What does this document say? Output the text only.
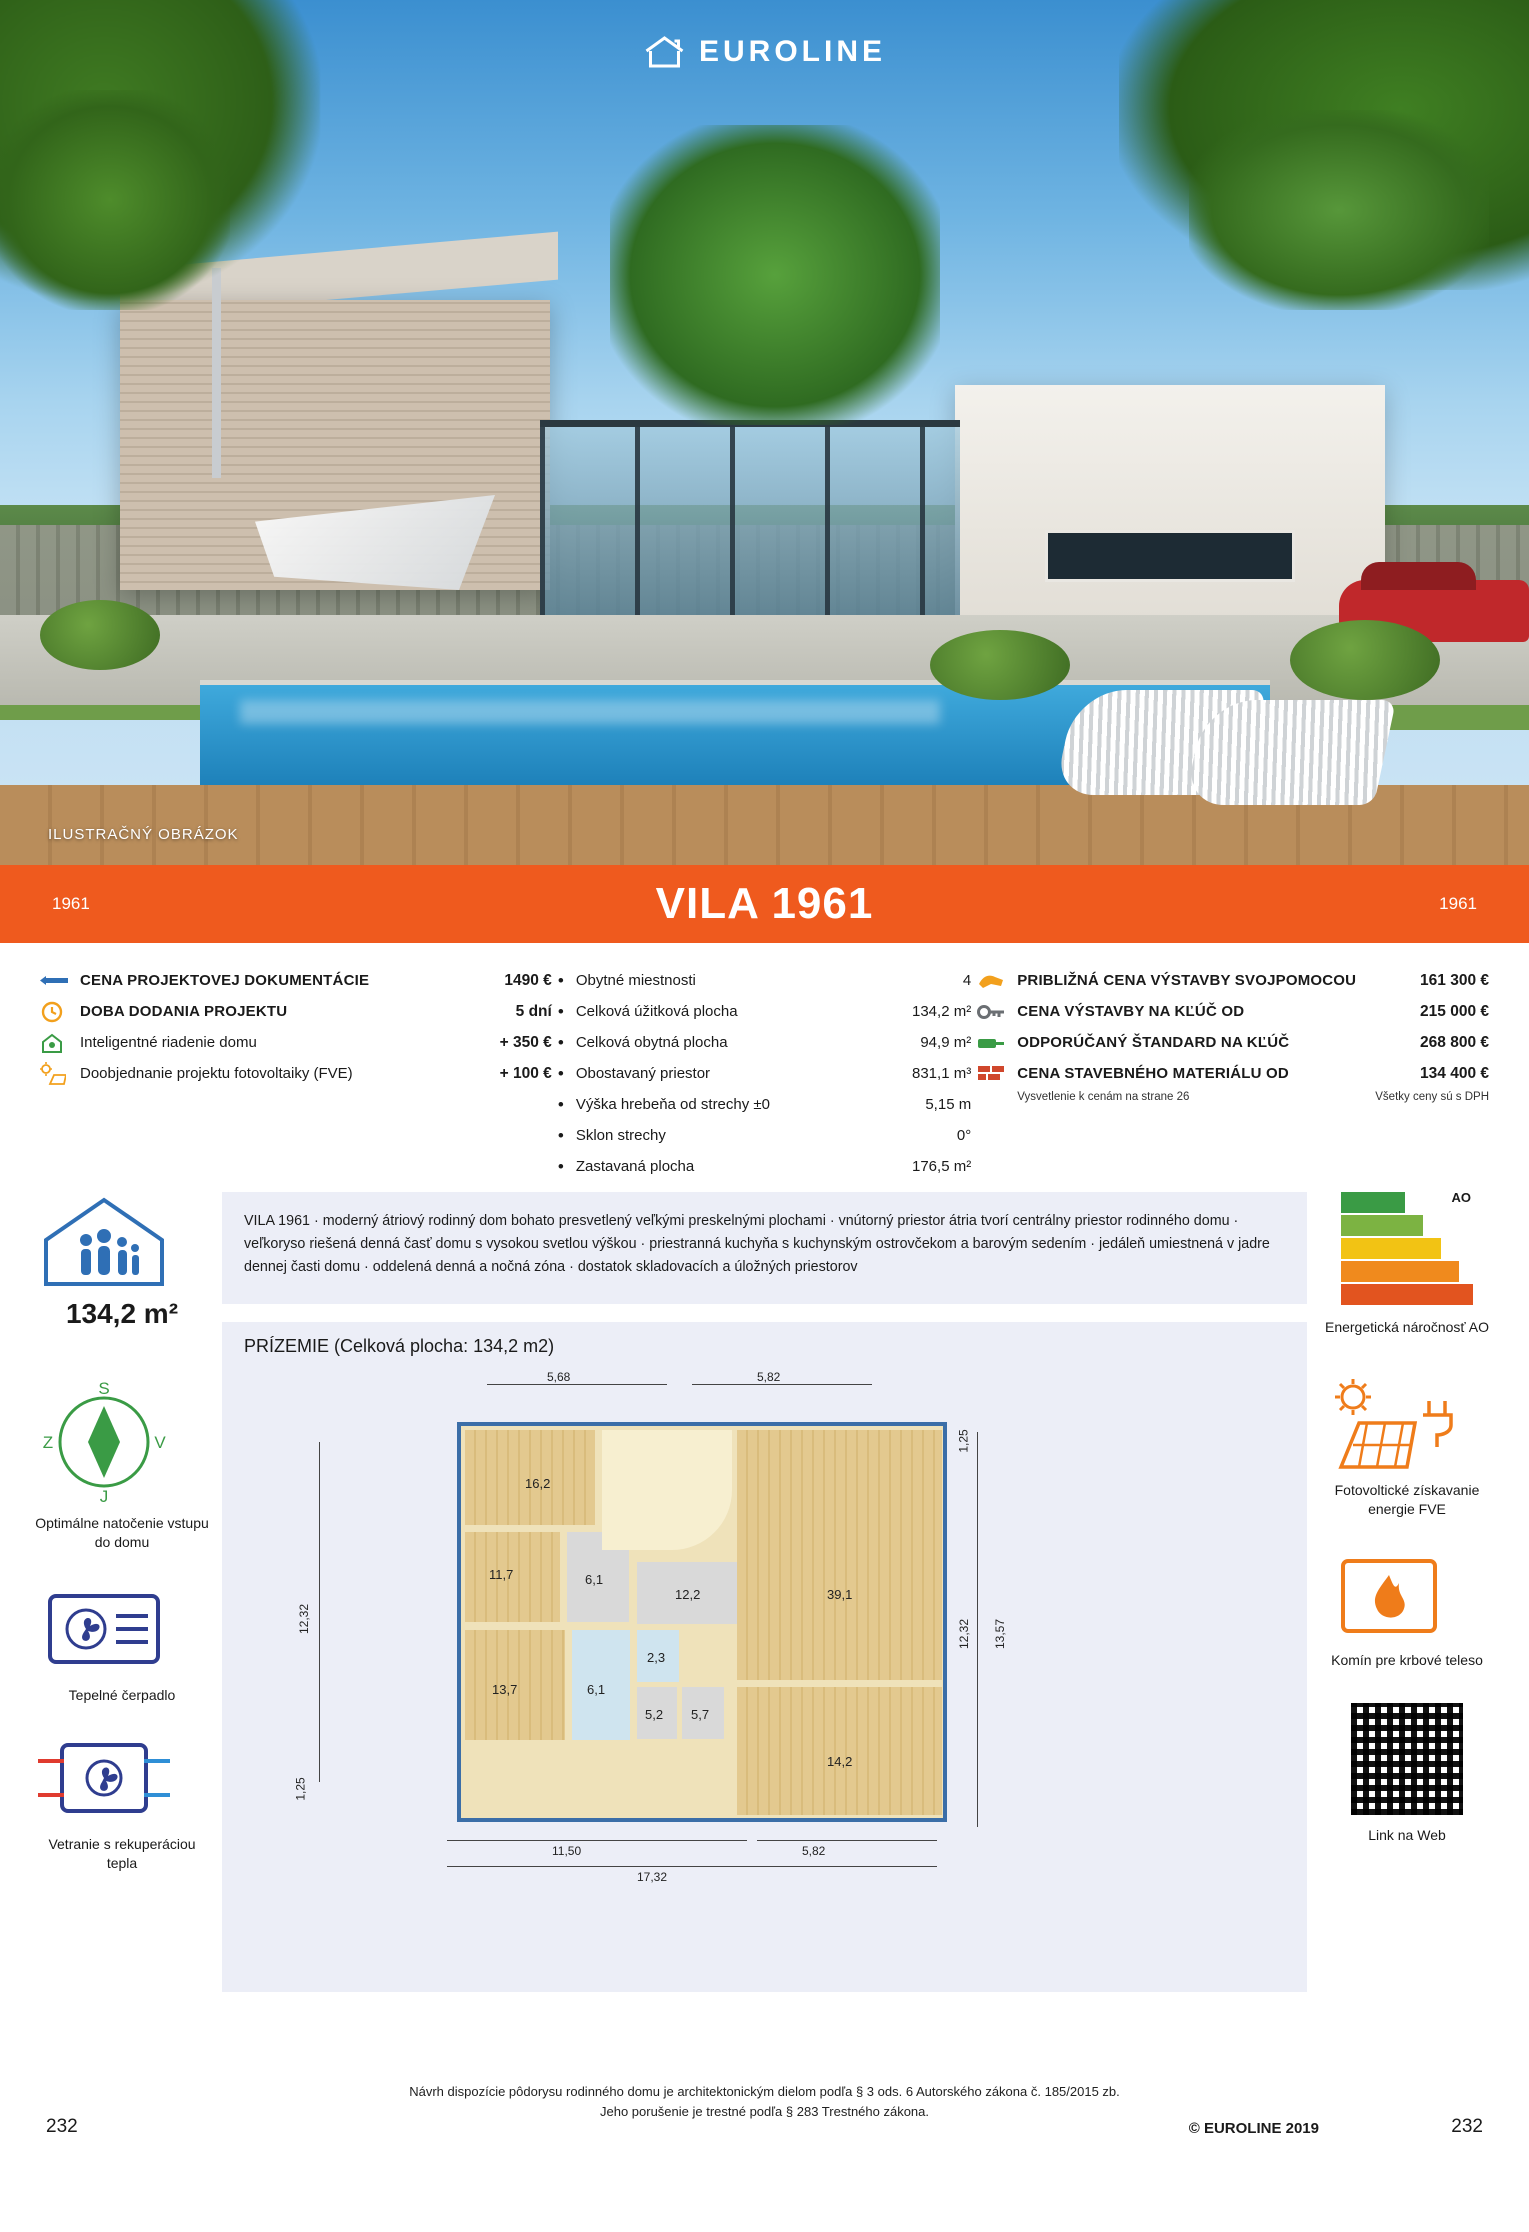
EUROLINE
ILUSTRAČNÝ OBRÁZOK
1961	VILA 1961	1961
CENA PROJEKTOVEJ DOKUMENTÁCIE	1490 €
DOBA DODANIA PROJEKTU	5 dní
Inteligentné riadenie domu	+ 350 €
Doobjednanie projektu fotovoltaiky (FVE)	+ 100 €
•
Obytné miestnosti	4
•
Celková úžitková plocha	134,2 m²
•
Celková obytná plocha	94,9 m²
•
Obostavaný priestor	831,1 m³
•
Výška hrebeňa od strechy ±0	5,15 m
•
Sklon strechy	0°
•
Zastavaná plocha	176,5 m²
PRIBLIŽNÁ CENA VÝSTAVBY SVOJPOMOCOU	161 300 €
CENA VÝSTAVBY NA KĽÚČ OD	215 000 €
ODPORÚČANÝ ŠTANDARD NA KĽÚČ	268 800 €
CENA STAVEBNÉHO MATERIÁLU OD	134 400 €
Vysvetlenie k cenám na strane 26	Všetky ceny sú s DPH
134,2 m²
S
J
Z	V
Optimálne natočenie vstupu do domu
Tepelné čerpadlo
Vetranie s rekuperáciou tepla
VILA 1961 · moderný átriový rodinný dom bohato presvetlený veľkými preskelnými plochami · vnútorný priestor átria tvorí centrálny priestor rodinného domu · veľkoryso riešená denná časť domu s vysokou svetlou výškou · priestranná kuchyňa s kuchynským ostrovčekom a barovým sedením · jedáleň umiestnená v jadre dennej časti domu · oddelená denná a nočná zóna · dostatok skladovacích a úložných priestorov
PRÍZEMIE (Celková plocha: 134,2 m2)
5,68	5,82
12,32
1,25
1,25
12,32 13,57
11,50	5,82
17,32
16,2
11,7	6,1
13,7	6,1
2,3
12,2
5,2 5,7
39,1
14,2
AO
Energetická náročnosť AO
Fotovoltické získavanie energie FVE
Komín pre krbové teleso
Link na Web
Návrh dispozície pôdorysu rodinného domu je architektonickým dielom podľa § 3 ods. 6 Autorského zákona č. 185/2015 zb.
Jeho porušenie je trestné podľa § 283 Trestného zákona.
© EUROLINE 2019
232	232
